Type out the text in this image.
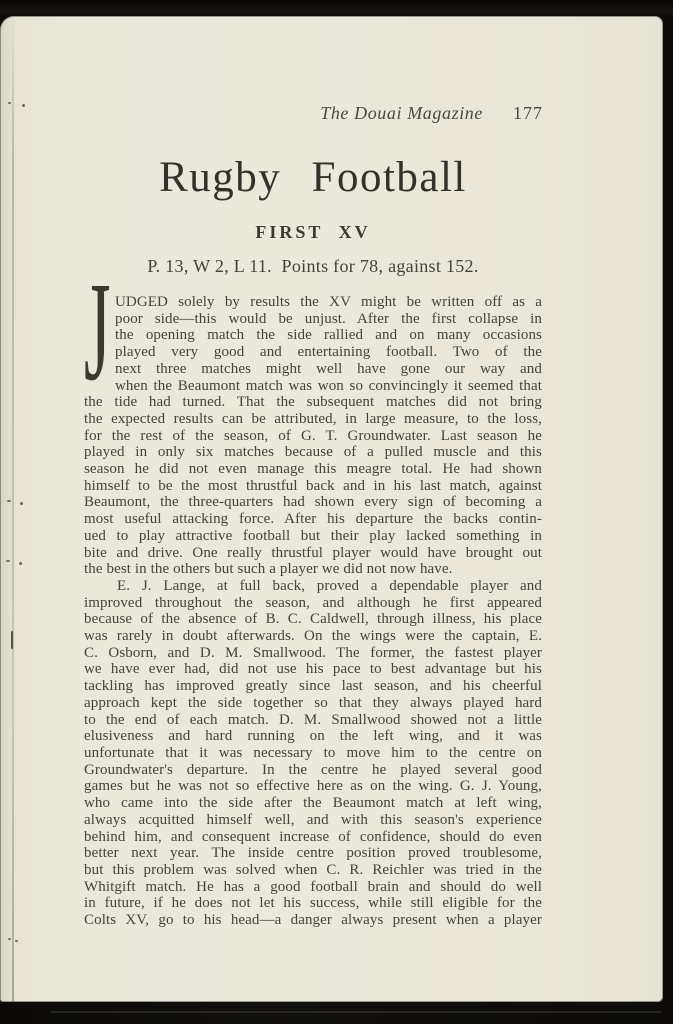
The Douai Magazine 177
Rugby Football
FIRST XV
P. 13, W 2, L 11.  Points for 78, against 152.
J UDGED solely by results the XV might be written off as a
poor side—this would be unjust. After the first collapse in
the opening match the side rallied and on many occasions
played very good and entertaining football. Two of the
next three matches might well have gone our way and
when the Beaumont match was won so convincingly it seemed that
the tide had turned. That the subsequent matches did not bring
the expected results can be attributed, in large measure, to the loss,
for the rest of the season, of G. T. Groundwater. Last season he
played in only six matches because of a pulled muscle and this
season he did not even manage this meagre total. He had shown
himself to be the most thrustful back and in his last match, against
Beaumont, the three-quarters had shown every sign of becoming a
most useful attacking force. After his departure the backs contin-
ued to play attractive football but their play lacked something in
bite and drive. One really thrustful player would have brought out
the best in the others but such a player we did not now have.
E. J. Lange, at full back, proved a dependable player and
improved throughout the season, and although he first appeared
because of the absence of B. C. Caldwell, through illness, his place
was rarely in doubt afterwards. On the wings were the captain, E.
C. Osborn, and D. M. Smallwood. The former, the fastest player
we have ever had, did not use his pace to best advantage but his
tackling has improved greatly since last season, and his cheerful
approach kept the side together so that they always played hard
to the end of each match. D. M. Smallwood showed not a little
elusiveness and hard running on the left wing, and it was
unfortunate that it was necessary to move him to the centre on
Groundwater's departure. In the centre he played several good
games but he was not so effective here as on the wing. G. J. Young,
who came into the side after the Beaumont match at left wing,
always acquitted himself well, and with this season's experience
behind him, and consequent increase of confidence, should do even
better next year. The inside centre position proved troublesome,
but this problem was solved when C. R. Reichler was tried in the
Whitgift match. He has a good football brain and should do well
in future, if he does not let his success, while still eligible for the
Colts XV, go to his head—a danger always present when a player
